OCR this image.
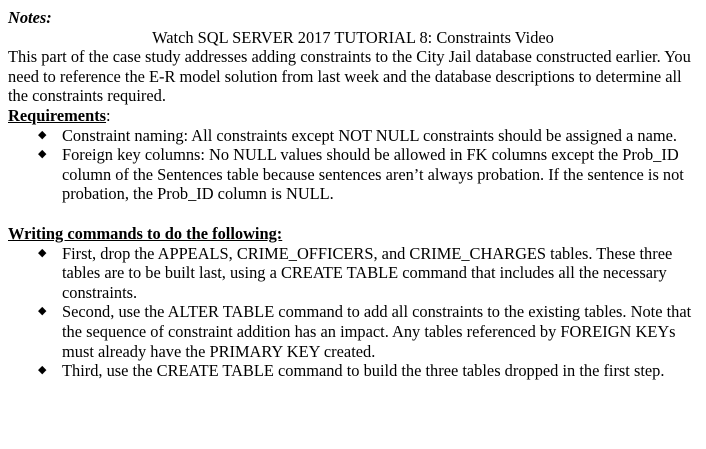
Notes:

Watch SQL SERVER 2017 TUTORIAL 8: Constraints Video

This part of the case study addresses adding constraints to the City Jail database constructed earlier. You need to reference the E-R model solution from last week and the database descriptions to determine all the constraints required.

Requirements:

◆ Constraint naming: All constraints except NOT NULL constraints should be assigned a name.
◆ Foreign key columns: No NULL values should be allowed in FK columns except the Prob_ID column of the Sentences table because sentences aren’t always probation. If the sentence is not probation, the Prob_ID column is NULL.

Writing commands to do the following:

◆ First, drop the APPEALS, CRIME_OFFICERS, and CRIME_CHARGES tables. These three tables are to be built last, using a CREATE TABLE command that includes all the necessary constraints.
◆ Second, use the ALTER TABLE command to add all constraints to the existing tables. Note that the sequence of constraint addition has an impact. Any tables referenced by FOREIGN KEYs must already have the PRIMARY KEY created.
◆ Third, use the CREATE TABLE command to build the three tables dropped in the first step.
